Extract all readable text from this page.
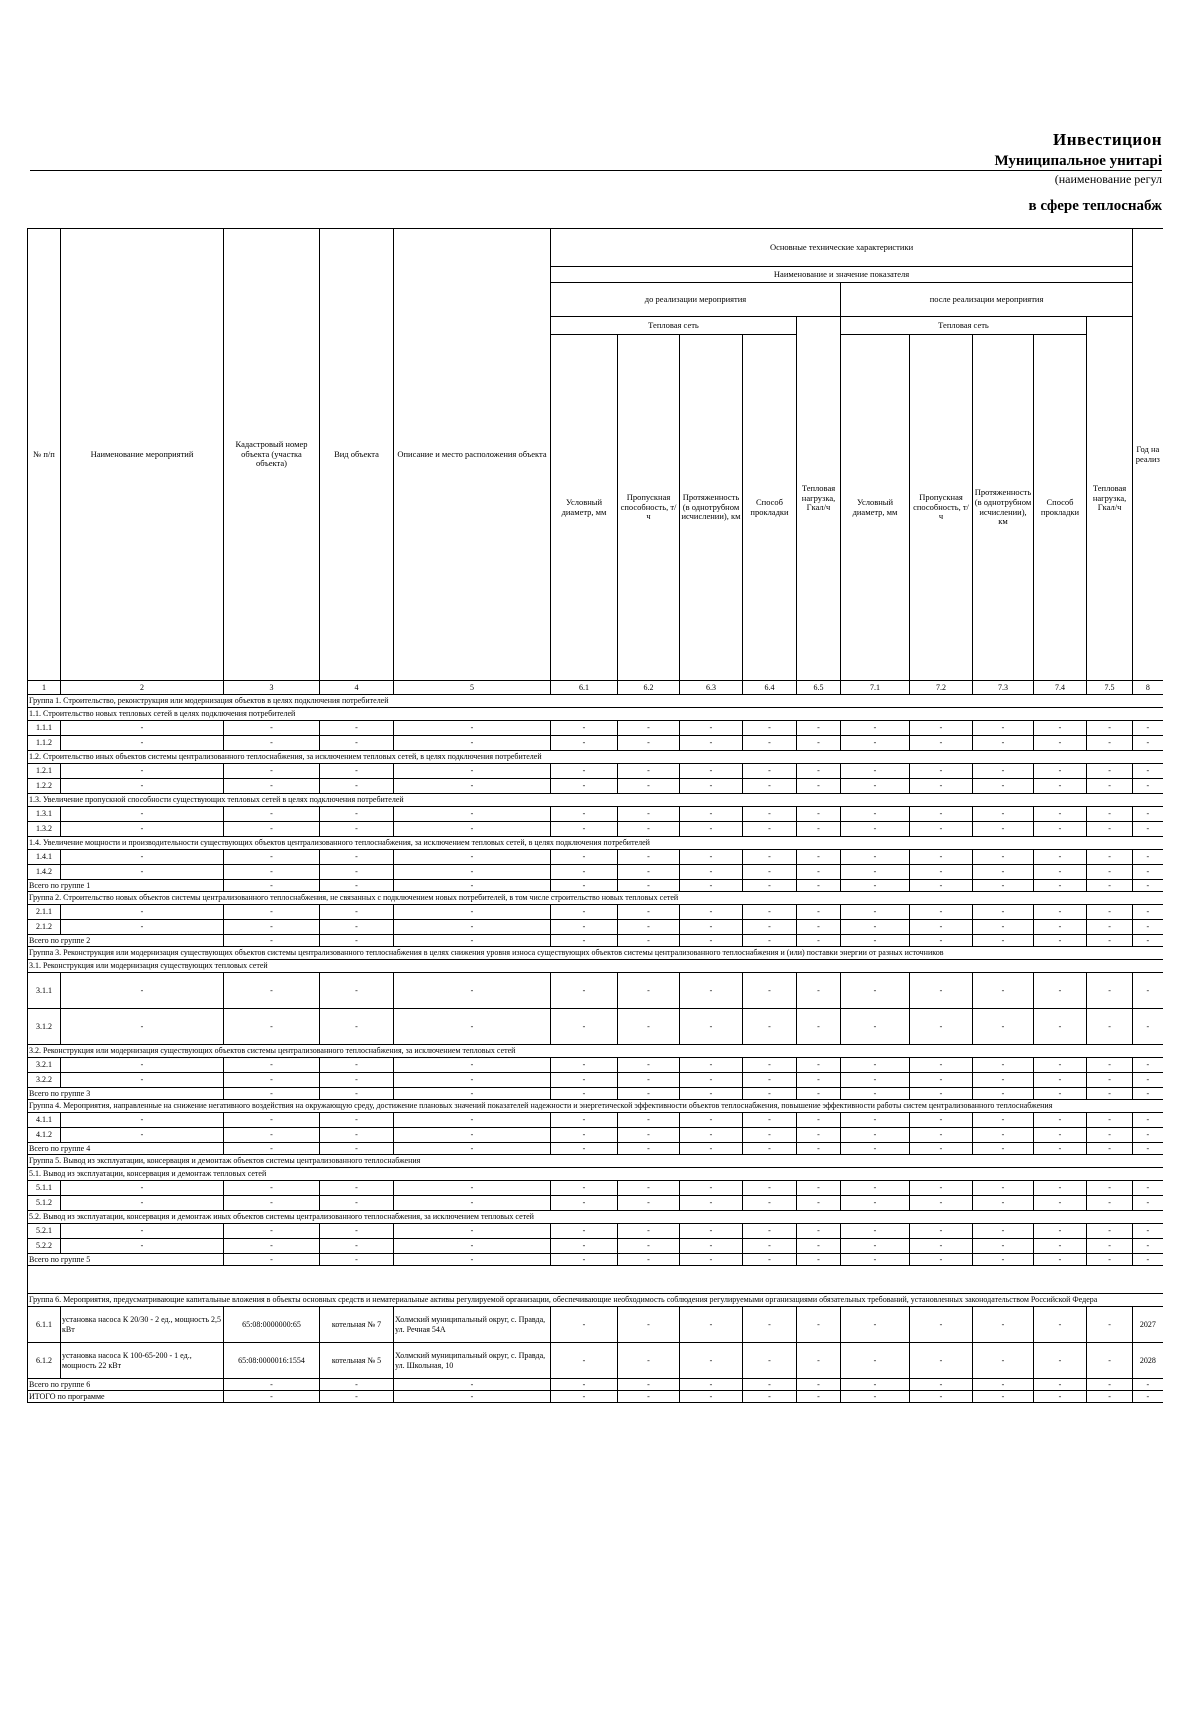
Инвестицион
Муниципальное унитарі
(наименование регул
в сфере теплоснабж
№ п/п	Наименование мероприятий	Кадастровый номер объекта (участка объекта)	Вид объекта	Описание и место расположения объекта	Основные технические характеристики										Год на реализ
					Наименование и значение показателя										
					до реализации мероприятия					после реализации мероприятия					
					Тепловая сеть				Тепловая нагрузка, Гкал/ч	Тепловая сеть				Тепловая нагрузка, Гкал/ч	
					Условный диаметр, мм	Пропускная способность, т/ч	Протяженность (в однотрубном исчислении), км	Способ прокладки		Условный диаметр, мм	Пропускная способность, т/ч	Протяженность (в однотрубном исчислении), км	Способ прокладки		
1	2	3	4	5	6.1	6.2	6.3	6.4	6.5	7.1	7.2	7.3	7.4	7.5	8
Группа 1. Строительство, реконструкция или модернизация объектов в целях подключения потребителей															
1.1. Строительство новых тепловых сетей в целях подключения потребителей															
1.1.1	-	-	-	-	-	-	-	-	-	-	-	-	-	-	-
1.1.2	-	-	-	-	-	-	-	-	-	-	-	-	-	-	-
1.2. Строительство иных объектов системы централизованного теплоснабжения, за исключением тепловых сетей, в целях подключения потребителей															
1.2.1	-	-	-	-	-	-	-	-	-	-	-	-	-	-	-
1.2.2	-	-	-	-	-	-	-	-	-	-	-	-	-	-	-
1.3. Увеличение пропускной способности существующих тепловых сетей в целях подключения потребителей															
1.3.1	-	-	-	-	-	-	-	-	-	-	-	-	-	-	-
1.3.2	-	-	-	-	-	-	-	-	-	-	-	-	-	-	-
1.4. Увеличение мощности и производительности существующих объектов централизованного теплоснабжения, за исключением тепловых сетей, в целях подключения потребителей															
1.4.1	-	-	-	-	-	-	-	-	-	-	-	-	-	-	-
1.4.2	-	-	-	-	-	-	-	-	-	-	-	-	-	-	-
Всего по группе 1		-	-	-	-	-	-	-	-	-	-	-	-	-	-
Группа 2. Строительство новых объектов системы централизованного теплоснабжения, не связанных с подключением новых потребителей, в том числе строительство новых тепловых сетей															
2.1.1	-	-	-	-	-	-	-	-	-	-	-	-	-	-	-
2.1.2	-	-	-	-	-	-	-	-	-	-	-	-	-	-	-
Всего по группе 2		-	-	-	-	-	-	-	-	-	-	-	-	-	-
Группа 3. Реконструкция или модернизация существующих объектов системы централизованного теплоснабжения в целях снижения уровня износа существующих объектов системы централизованного теплоснабжения и (или) поставки энергии от разных источников															
3.1. Реконструкция или модернизация существующих тепловых сетей															
3.1.1	-	-	-	-	-	-	-	-	-	-	-	-	-	-	-
3.1.2	-	-	-	-	-	-	-	-	-	-	-	-	-	-	-
3.2. Реконструкция или модернизация существующих объектов системы централизованного теплоснабжения, за исключением тепловых сетей															
3.2.1	-	-	-	-	-	-	-	-	-	-	-	-	-	-	-
3.2.2	-	-	-	-	-	-	-	-	-	-	-	-	-	-	-
Всего по группе 3		-	-	-	-	-	-	-	-	-	-	-	-	-	-
Группа 4. Мероприятия, направленные на снижение негативного воздействия на окружающую среду, достижение плановых значений показателей надежности и энергетической эффективности объектов теплоснабжения, повышение эффективности работы систем централизованного теплоснабжения															
4.1.1	-	-	-	-	-	-	-	-	-	-	-	-	-	-	-
4.1.2	-	-	-	-	-	-	-	-	-	-	-	-	-	-	-
Всего по группе 4		-	-	-	-	-	-	-	-	-	-	-	-	-	-
Группа 5. Вывод из эксплуатации, консервация и демонтаж объектов системы централизованного теплоснабжения															
5.1. Вывод из эксплуатации, консервация и демонтаж тепловых сетей															
5.1.1	-	-	-	-	-	-	-	-	-	-	-	-	-	-	-
5.1.2	-	-	-	-	-	-	-	-	-	-	-	-	-	-	-
5.2. Вывод из эксплуатации, консервация и демонтаж иных объектов системы централизованного теплоснабжения, за исключением тепловых сетей															
5.2.1	-	-	-	-	-	-	-	-	-	-	-	-	-	-	-
5.2.2	-	-	-	-	-	-	-	-	-	-	-	-	-	-	-
Всего по группе 5		-	-	-	-	-	-	-	-	-	-	-	-	-	-

Группа 6. Мероприятия, предусматривающие капитальные вложения в объекты основных средств и нематериальные активы регулируемой организации, обеспечивающие необходимость соблюдения регулируемыми организациями обязательных требований, установленных законодательством Российской Федера															
6.1.1	установка насоса К 20/30 - 2 ед., мощность 2,5 кВт	65:08:0000000:65	котельная № 7	Холмский муниципальный округ, с. Правда, ул. Речная 54А	-	-	-	-	-	-	-	-	-	-	2027
6.1.2	установка насоса К 100-65-200 - 1 ед., мощность 22 кВт	65:08:0000016:1554	котельная № 5	Холмский муниципальный округ, с. Правда, ул. Школьная, 10	-	-	-	-	-	-	-	-	-	-	2028
Всего по группе 6		-	-	-	-	-	-	-	-	-	-	-	-	-	-
ИТОГО по программе		-	-	-	-	-	-	-	-	-	-	-	-	-	-
